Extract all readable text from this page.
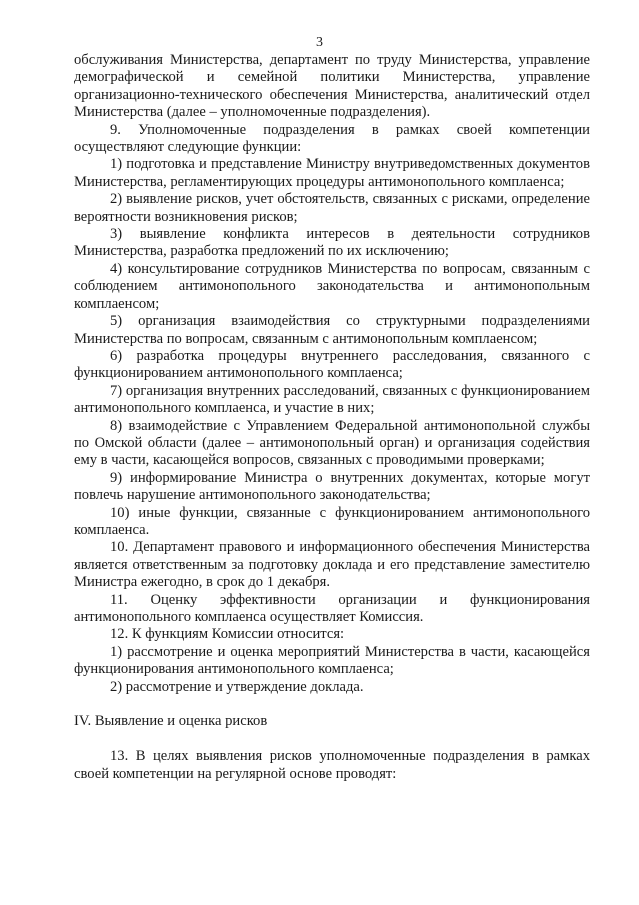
3

обслуживания Министерства, департамент по труду Министерства, управление демографической и семейной политики Министерства, управление организационно-технического обеспечения Министерства, аналитический отдел Министерства (далее – уполномоченные подразделения).

9. Уполномоченные подразделения в рамках своей компетенции осуществляют следующие функции:

1) подготовка и представление Министру внутриведомственных документов Министерства, регламентирующих процедуры антимонопольного комплаенса;

2) выявление рисков, учет обстоятельств, связанных с рисками, определение вероятности возникновения рисков;

3) выявление конфликта интересов в деятельности сотрудников Министерства, разработка предложений по их исключению;

4) консультирование сотрудников Министерства по вопросам, связанным с соблюдением антимонопольного законодательства и антимонопольным комплаенсом;

5) организация взаимодействия со структурными подразделениями Министерства по вопросам, связанным с антимонопольным комплаенсом;

6) разработка процедуры внутреннего расследования, связанного с функционированием антимонопольного комплаенса;

7) организация внутренних расследований, связанных с функционированием антимонопольного комплаенса, и участие в них;

8) взаимодействие с Управлением Федеральной антимонопольной службы по Омской области (далее – антимонопольный орган) и организация содействия ему в части, касающейся вопросов, связанных с проводимыми проверками;

9) информирование Министра о внутренних документах, которые могут повлечь нарушение антимонопольного законодательства;

10) иные функции, связанные с функционированием антимонопольного комплаенса.

10. Департамент правового и информационного обеспечения Министерства является ответственным за подготовку доклада и его представление заместителю Министра ежегодно, в срок до 1 декабря.

11. Оценку эффективности организации и функционирования антимонопольного комплаенса осуществляет Комиссия.

12. К функциям Комиссии относится:

1) рассмотрение и оценка мероприятий Министерства в части, касающейся функционирования антимонопольного комплаенса;

2) рассмотрение и утверждение доклада.

IV. Выявление и оценка рисков

13. В целях выявления рисков уполномоченные подразделения в рамках своей компетенции на регулярной основе проводят:
